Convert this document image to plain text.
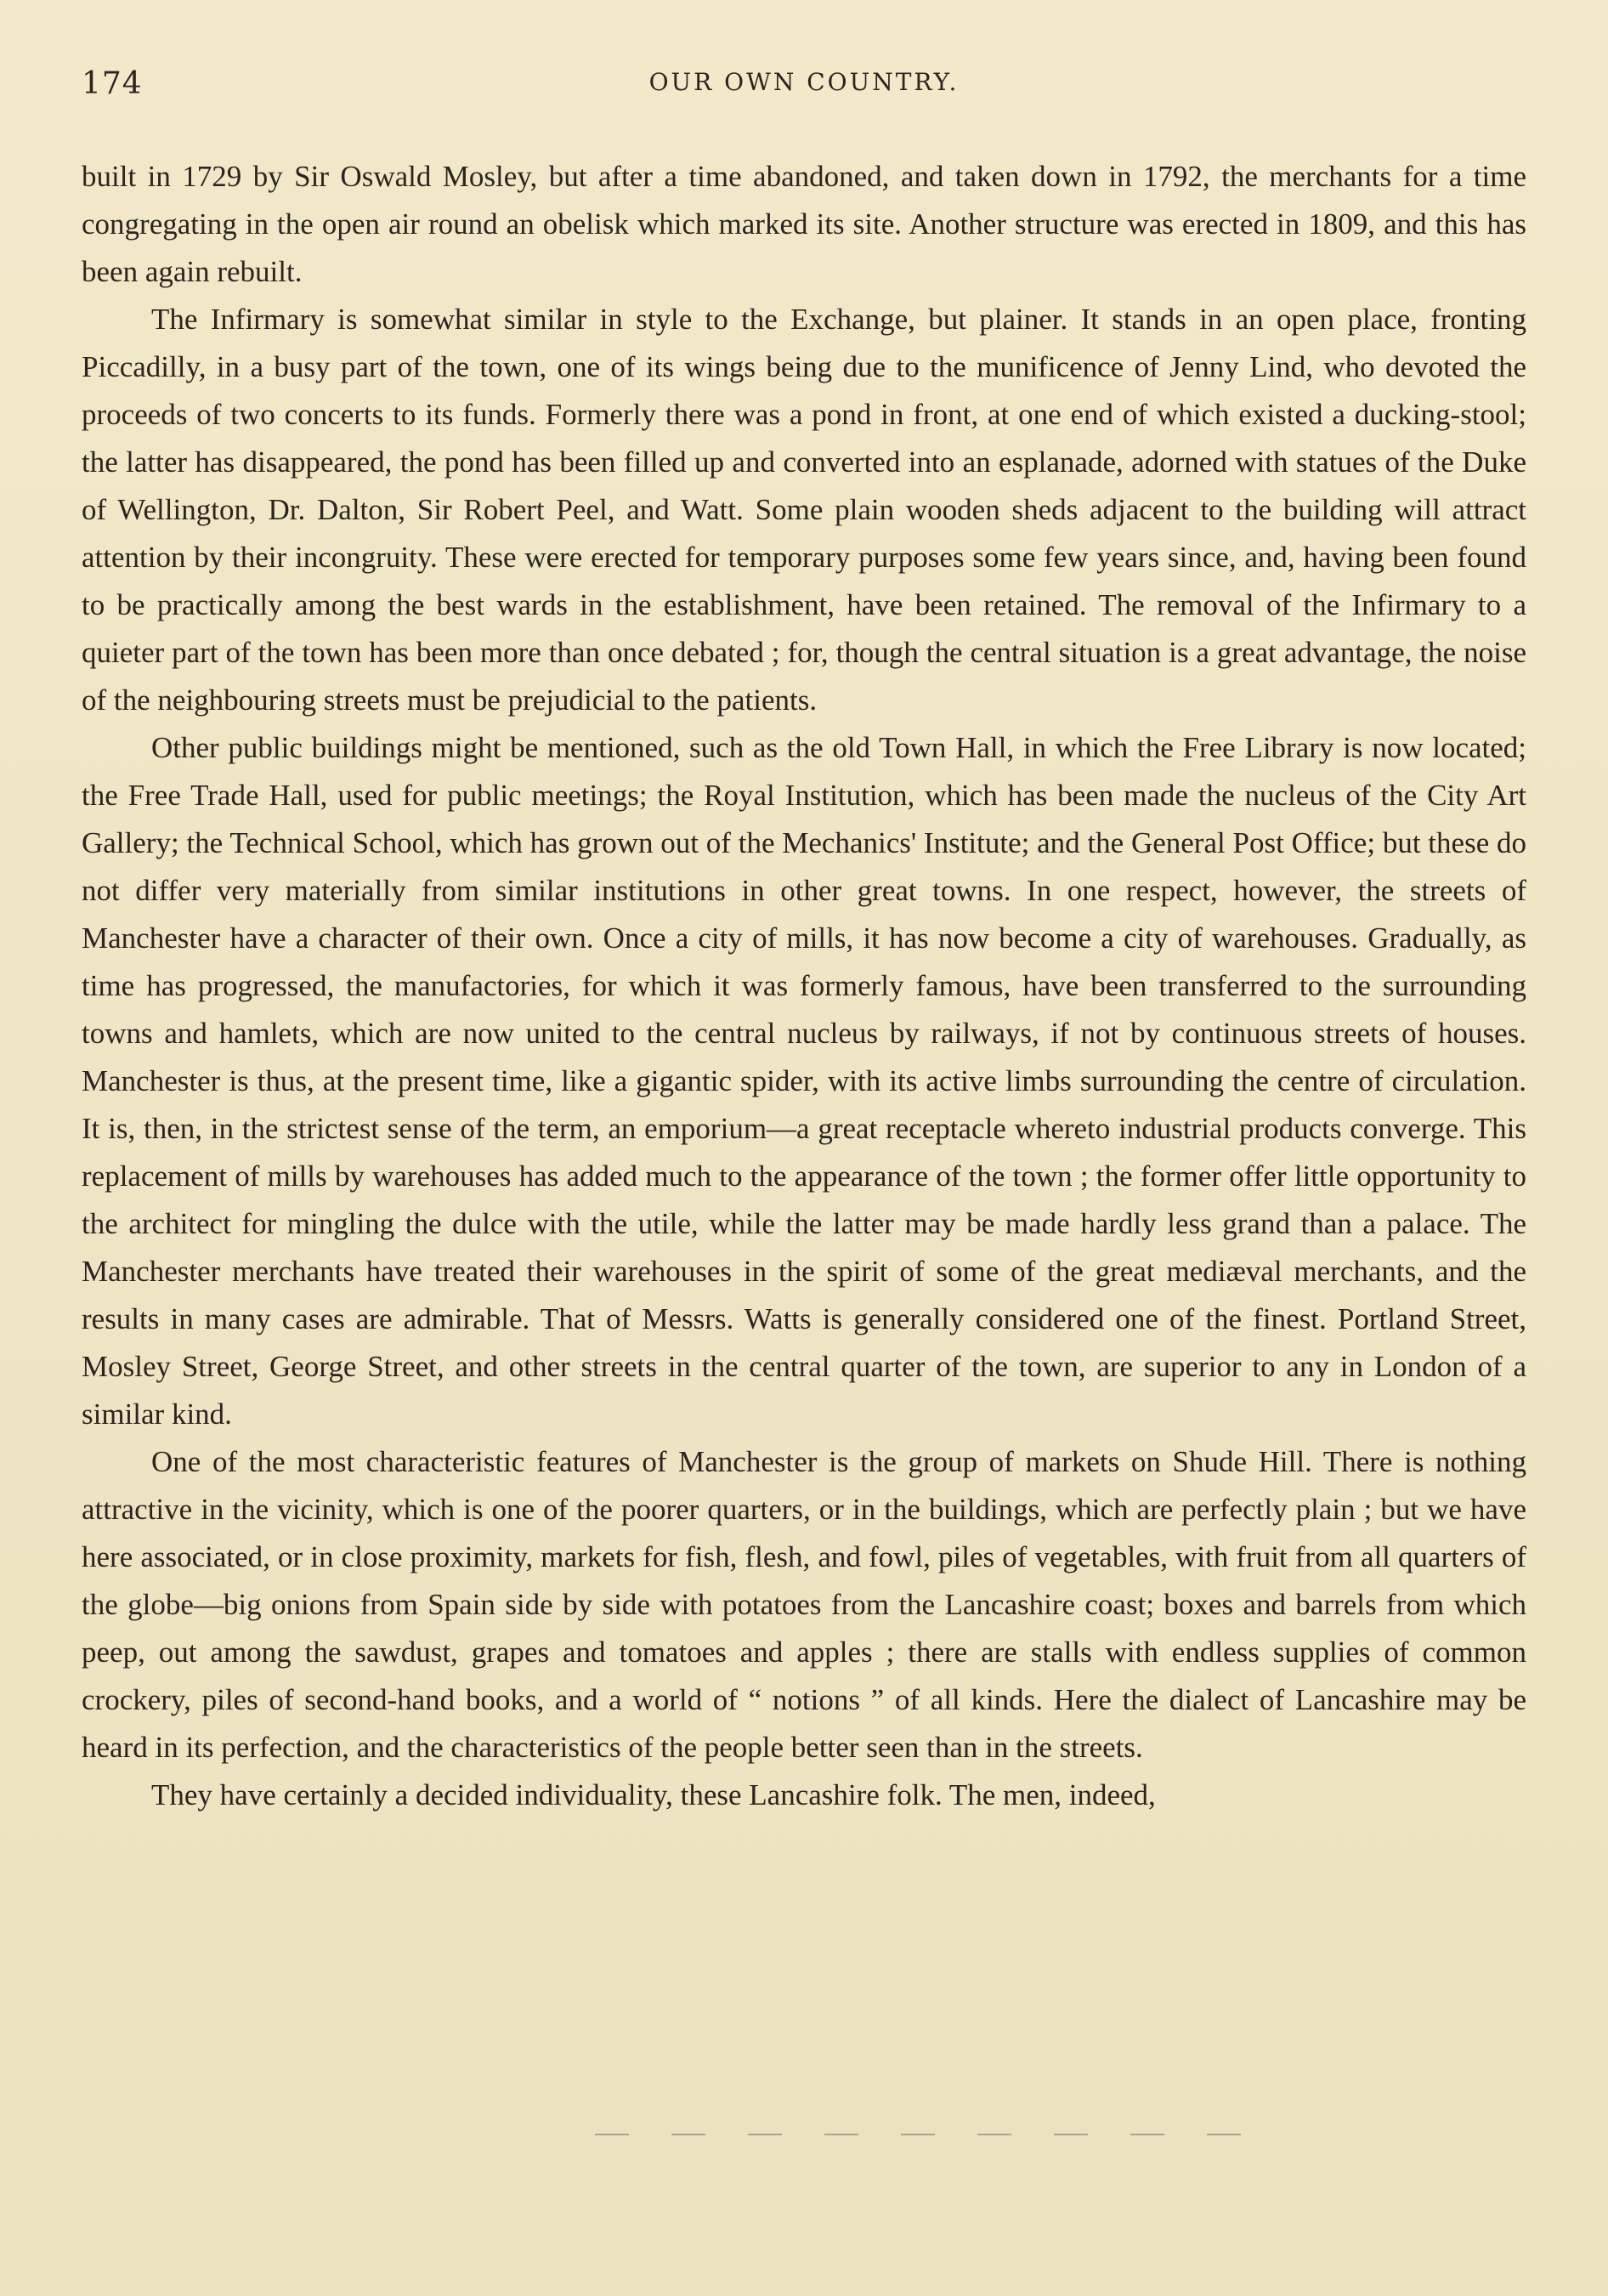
174	OUR OWN COUNTRY.

built in 1729 by Sir Oswald Mosley, but after a time abandoned, and taken down in 1792, the merchants for a time congregating in the open air round an obelisk which marked its site. Another structure was erected in 1809, and this has been again rebuilt.

The Infirmary is somewhat similar in style to the Exchange, but plainer. It stands in an open place, fronting Piccadilly, in a busy part of the town, one of its wings being due to the munificence of Jenny Lind, who devoted the proceeds of two concerts to its funds. Formerly there was a pond in front, at one end of which existed a ducking-stool; the latter has disappeared, the pond has been filled up and converted into an esplanade, adorned with statues of the Duke of Wellington, Dr. Dalton, Sir Robert Peel, and Watt. Some plain wooden sheds adjacent to the building will attract attention by their incongruity. These were erected for temporary purposes some few years since, and, having been found to be practically among the best wards in the establishment, have been retained. The removal of the Infirmary to a quieter part of the town has been more than once debated ; for, though the central situation is a great advantage, the noise of the neighbouring streets must be prejudicial to the patients.

Other public buildings might be mentioned, such as the old Town Hall, in which the Free Library is now located; the Free Trade Hall, used for public meetings; the Royal Institution, which has been made the nucleus of the City Art Gallery; the Technical School, which has grown out of the Mechanics' Institute; and the General Post Office; but these do not differ very materially from similar institutions in other great towns. In one respect, however, the streets of Manchester have a character of their own. Once a city of mills, it has now become a city of warehouses. Gradually, as time has progressed, the manufactories, for which it was formerly famous, have been transferred to the surrounding towns and hamlets, which are now united to the central nucleus by railways, if not by continuous streets of houses. Manchester is thus, at the present time, like a gigantic spider, with its active limbs surrounding the centre of circulation. It is, then, in the strictest sense of the term, an emporium—a great receptacle whereto industrial products converge. This replacement of mills by warehouses has added much to the appearance of the town ; the former offer little opportunity to the architect for mingling the dulce with the utile, while the latter may be made hardly less grand than a palace. The Manchester merchants have treated their warehouses in the spirit of some of the great mediæval merchants, and the results in many cases are admirable. That of Messrs. Watts is generally considered one of the finest. Portland Street, Mosley Street, George Street, and other streets in the central quarter of the town, are superior to any in London of a similar kind.

One of the most characteristic features of Manchester is the group of markets on Shude Hill. There is nothing attractive in the vicinity, which is one of the poorer quarters, or in the buildings, which are perfectly plain ; but we have here associated, or in close proximity, markets for fish, flesh, and fowl, piles of vegetables, with fruit from all quarters of the globe—big onions from Spain side by side with potatoes from the Lancashire coast; boxes and barrels from which peep, out among the sawdust, grapes and tomatoes and apples ; there are stalls with endless supplies of common crockery, piles of second-hand books, and a world of “ notions ” of all kinds. Here the dialect of Lancashire may be heard in its perfection, and the characteristics of the people better seen than in the streets.

They have certainly a decided individuality, these Lancashire folk. The men, indeed,
